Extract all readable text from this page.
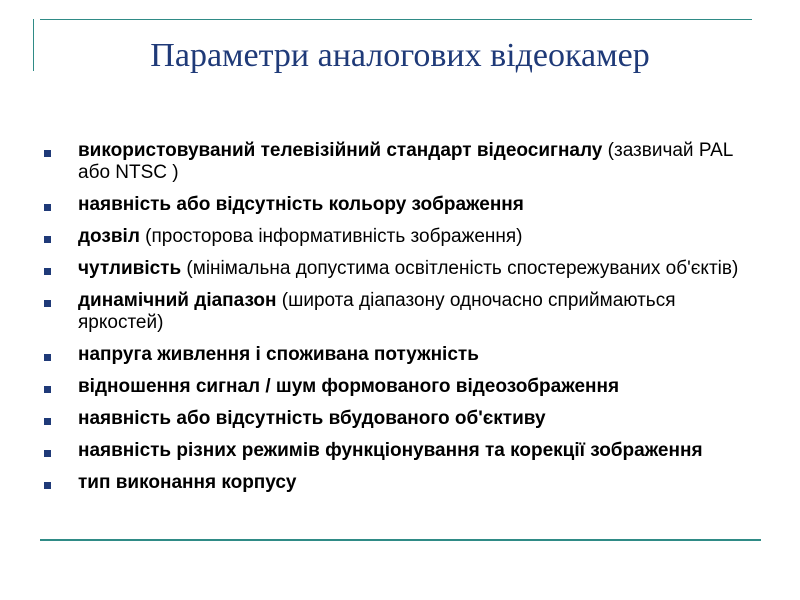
Параметри аналогових відеокамер
використовуваний телевізійний стандарт відеосигналу (зазвичай PAL або NTSC )
наявність або відсутність кольору зображення
дозвіл (просторова інформативність зображення)
чутливість (мінімальна допустима освітленість спостережуваних об'єктів)
динамічний діапазон (широта діапазону одночасно сприймаються яркостей)
напруга живлення і споживана потужність
відношення сигнал / шум формованого відеозображення
наявність або відсутність вбудованого об'єктиву
наявність різних режимів функціонування та корекції зображення
тип виконання корпусу
